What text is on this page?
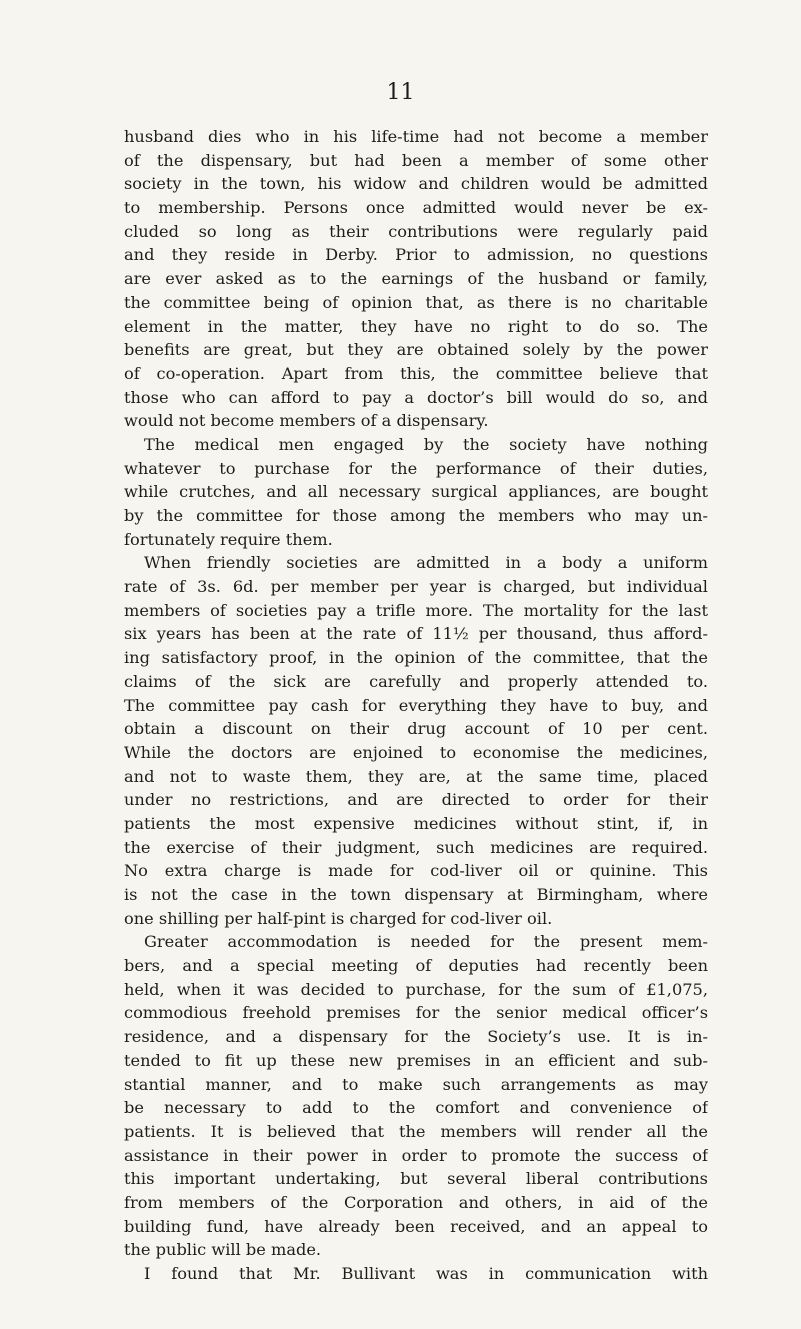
11
husband dies who in his life-time had not become a member
of the dispensary, but had been a member of some other
society in the town, his widow and children would be admitted
to membership. Persons once admitted would never be ex-
cluded so long as their contributions were regularly paid
and they reside in Derby. Prior to admission, no questions
are ever asked as to the earnings of the husband or family,
the committee being of opinion that, as there is no charitable
element in the matter, they have no right to do so. The
benefits are great, but they are obtained solely by the power
of co-operation. Apart from this, the committee believe that
those who can afford to pay a doctor’s bill would do so, and
would not become members of a dispensary.
The medical men engaged by the society have nothing
whatever to purchase for the performance of their duties,
while crutches, and all necessary surgical appliances, are bought
by the committee for those among the members who may un-
fortunately require them.
When friendly societies are admitted in a body a uniform
rate of 3s. 6d. per member per year is charged, but individual
members of societies pay a trifle more. The mortality for the last
six years has been at the rate of 11½ per thousand, thus afford-
ing satisfactory proof, in the opinion of the committee, that the
claims of the sick are carefully and properly attended to.
The committee pay cash for everything they have to buy, and
obtain a discount on their drug account of 10 per cent.
While the doctors are enjoined to economise the medicines,
and not to waste them, they are, at the same time, placed
under no restrictions, and are directed to order for their
patients the most expensive medicines without stint, if, in
the exercise of their judgment, such medicines are required.
No extra charge is made for cod-liver oil or quinine. This
is not the case in the town dispensary at Birmingham, where
one shilling per half-pint is charged for cod-liver oil.
Greater accommodation is needed for the present mem-
bers, and a special meeting of deputies had recently been
held, when it was decided to purchase, for the sum of £1,075,
commodious freehold premises for the senior medical officer’s
residence, and a dispensary for the Society’s use. It is in-
tended to fit up these new premises in an efficient and sub-
stantial manner, and to make such arrangements as may
be necessary to add to the comfort and convenience of
patients. It is believed that the members will render all the
assistance in their power in order to promote the success of
this important undertaking, but several liberal contributions
from members of the Corporation and others, in aid of the
building fund, have already been received, and an appeal to
the public will be made.
I found that Mr. Bullivant was in communication with
